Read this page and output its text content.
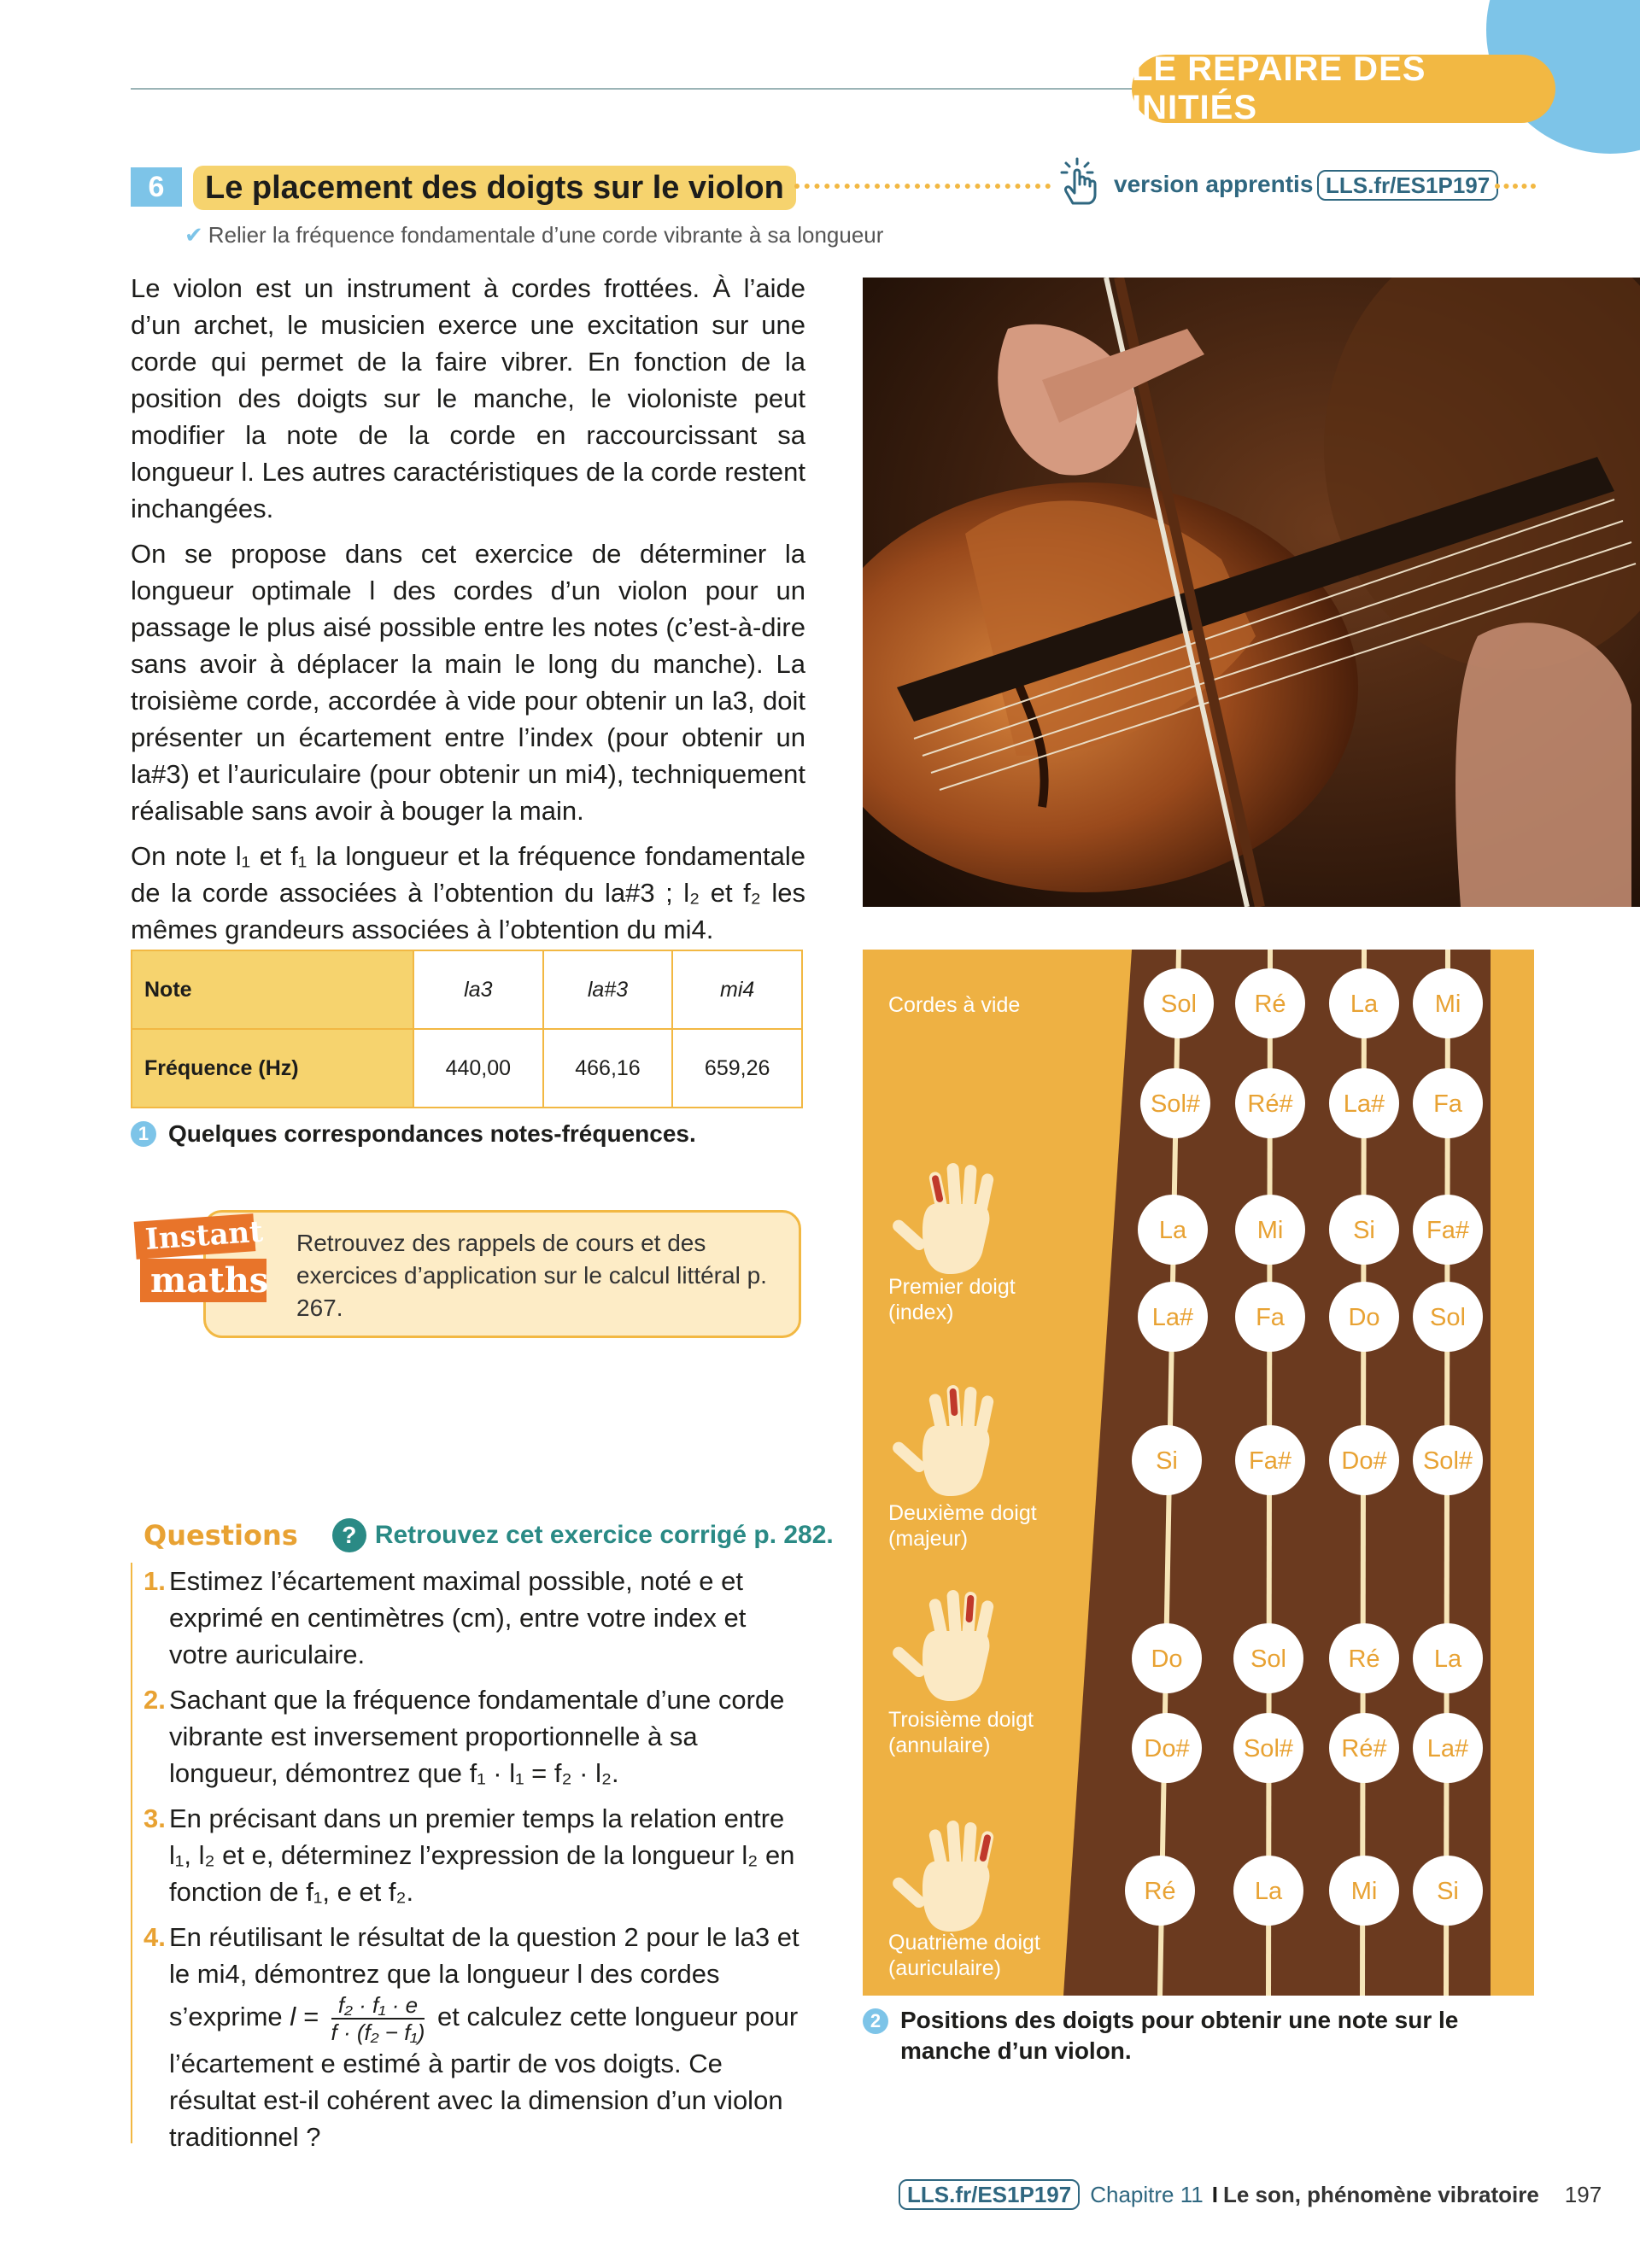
LE REPAIRE DES INITIÉS
6	Le placement des doigts sur le violon	version apprentis LLS.fr/ES1P197
✔ Relier la fréquence fondamentale d’une corde vibrante à sa longueur

Le violon est un instrument à cordes frottées. À l’aide d’un archet, le musicien exerce une excitation sur une corde qui permet de la faire vibrer. En fonction de la position des doigts sur le manche, le violoniste peut modifier la note de la corde en raccourcissant sa longueur l. Les autres caractéristiques de la corde restent inchangées.

On se propose dans cet exercice de déterminer la longueur optimale l des cordes d’un violon pour un passage le plus aisé possible entre les notes (c’est-à-dire sans avoir à déplacer la main le long du manche). La troisième corde, accordée à vide pour obtenir un la3, doit présenter un écartement entre l’index (pour obtenir un la#3) et l’auriculaire (pour obtenir un mi4), techniquement réalisable sans avoir à bouger la main.

On note l₁ et f₁ la longueur et la fréquence fondamentale de la corde associées à l’obtention du la#3 ; l₂ et f₂ les mêmes grandeurs associées à l’obtention du mi4.

Note	la3	la#3	mi4
Fréquence (Hz)	440,00	466,16	659,26
1 Quelques correspondances notes-fréquences.
Retrouvez des rappels de cours et des exercices d’application sur le calcul littéral p. 267.
Instant
maths
Questions	? Retrouvez cet exercice corrigé p. 282.
1. Estimez l’écartement maximal possible, noté e et exprimé en centimètres (cm), entre votre index et votre auriculaire.
2. Sachant que la fréquence fondamentale d’une corde vibrante est inversement proportionnelle à sa longueur, démontrez que f₁ · l₁ = f₂ · l₂.
3. En précisant dans un premier temps la relation entre l₁, l₂ et e, déterminez l’expression de la longueur l₂ en fonction de f₁, e et f₂.
4. En réutilisant le résultat de la question 2 pour le la3 et le mi4, démontrez que la longueur l des cordes s’exprime $l = \frac{\text{f₂ · f₁ · e}}{\text{f · (f₂ − f₁)}}$ et calculez cette longueur pour l’écartement e estimé à partir de vos doigts. Ce résultat est-il cohérent avec la dimension d’un violon traditionnel ?
Sol Ré	La Mi
Sol# Ré# La# Fa
La	Mi	Si Fa#
La#	Fa	Do Sol
Si	Fa# Do# Sol#
Do	Sol	Ré La
Do# Sol# Ré# La#
Ré	La	Mi Si
Cordes à vide
Premier doigt
(index)
Deuxième doigt
(majeur)
Troisième doigt
(annulaire)
Quatrième doigt
(auriculaire)
2 Positions des doigts pour obtenir une note sur le manche d’un violon.
LLS.fr/ES1P197 Chapitre 11 I Le son, phénomène vibratoire 197
